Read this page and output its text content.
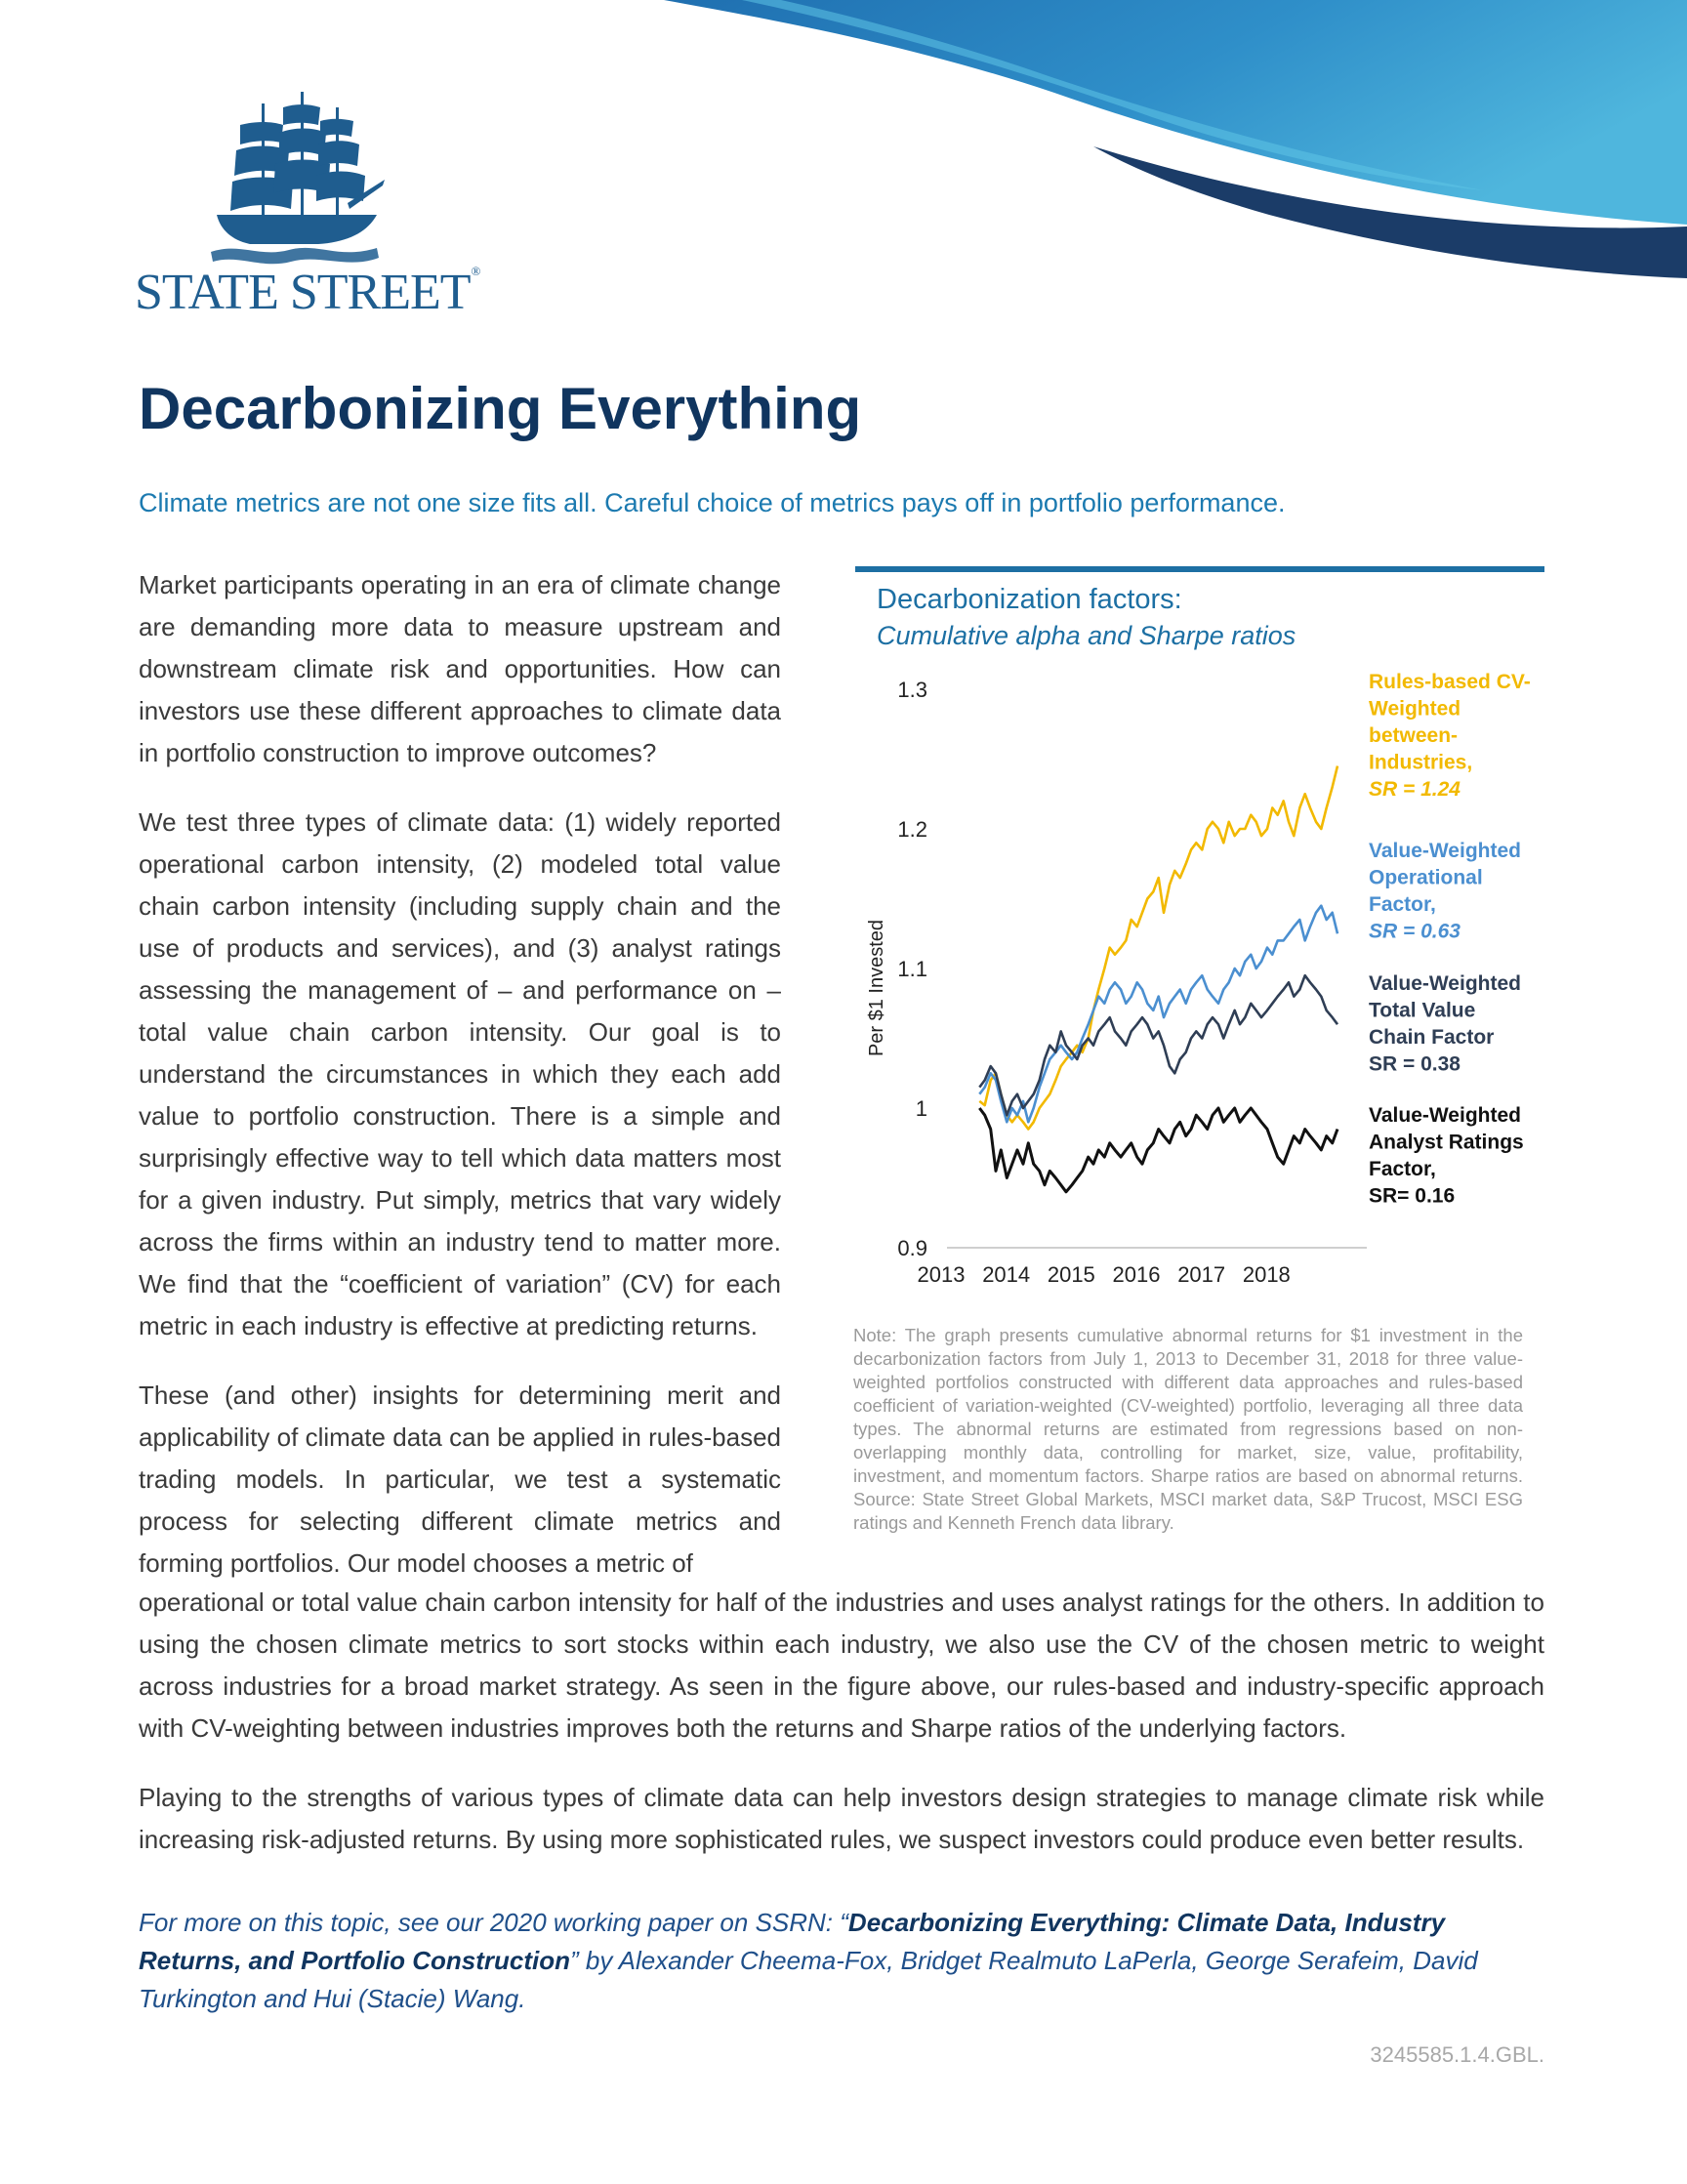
STATE STREET®
Decarbonizing Everything

Climate metrics are not one size fits all. Careful choice of metrics pays off in portfolio performance.

Market participants operating in an era of climate change are demanding more data to measure upstream and downstream climate risk and opportunities. How can investors use these different approaches to climate data in portfolio construction to improve outcomes?

We test three types of climate data: (1) widely reported operational carbon intensity, (2) modeled total value chain carbon intensity (including supply chain and the use of products and services), and (3) analyst ratings assessing the management of – and performance on – total value chain carbon intensity. Our goal is to understand the circumstances in which they each add value to portfolio construction. There is a simple and surprisingly effective way to tell which data matters most for a given industry. Put simply, metrics that vary widely across the firms within an industry tend to matter more. We find that the “coefficient of variation” (CV) for each metric in each industry is effective at predicting returns.

These (and other) insights for determining merit and applicability of climate data can be applied in rules-based trading models. In particular, we test a systematic process for selecting different climate metrics and forming portfolios. Our model chooses a metric of

operational or total value chain carbon intensity for half of the industries and uses analyst ratings for the others. In addition to using the chosen climate metrics to sort stocks within each industry, we also use the CV of the chosen metric to weight across industries for a broad market strategy. As seen in the figure above, our rules-based and industry-specific approach with CV-weighting between industries improves both the returns and Sharpe ratios of the underlying factors.

Playing to the strengths of various types of climate data can help investors design strategies to manage climate risk while increasing risk-adjusted returns. By using more sophisticated rules, we suspect investors could produce even better results.

For more on this topic, see our 2020 working paper on SSRN: “Decarbonizing Everything: Climate Data, Industry Returns, and Portfolio Construction” by Alexander Cheema-Fox, Bridget Realmuto LaPerla, George Serafeim, David Turkington and Hui (Stacie) Wang.

3245585.1.4.GBL.
0.9
1
1.1
1.2
1.3
2013 2014 2015 2016 2017 2018
Per $1 Invested
Rules-based CV-Weighted between-Industries, SR = 1.24
Value-Weighted Operational Factor, SR = 0.63
Value-Weighted Total Value Chain Factor SR = 0.38
Value-Weighted Analyst Ratings Factor, SR= 0.16
Decarbonization factors:
Cumulative alpha and Sharpe ratios

Note: The graph presents cumulative abnormal returns for $1 investment in the decarbonization factors from July 1, 2013 to December 31, 2018 for three value-weighted portfolios constructed with different data approaches and rules-based coefficient of variation-weighted (CV-weighted) portfolio, leveraging all three data types. The abnormal returns are estimated from regressions based on non-overlapping monthly data, controlling for market, size, value, profitability, investment, and momentum factors. Sharpe ratios are based on abnormal returns. Source: State Street Global Markets, MSCI market data, S&P Trucost, MSCI ESG ratings and Kenneth French data library.
